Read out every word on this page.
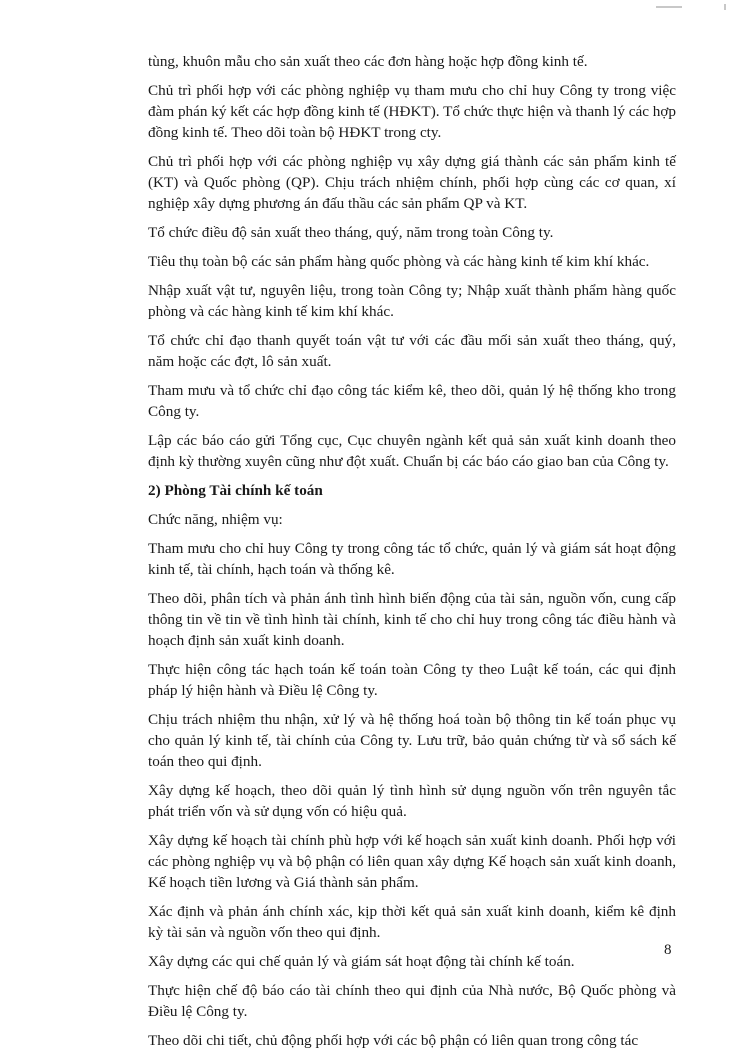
tùng, khuôn mẫu cho sản xuất theo các đơn hàng hoặc hợp đồng kinh tế.

Chủ trì phối hợp với các phòng nghiệp vụ tham mưu cho chỉ huy Công ty trong việc đàm phán ký kết các hợp đồng kinh tế (HĐKT). Tổ chức thực hiện và thanh lý các hợp đồng kinh tế. Theo dõi toàn bộ HĐKT trong cty.

Chủ trì phối hợp với các phòng nghiệp vụ xây dựng giá thành các sản phẩm kinh tế (KT) và Quốc phòng (QP). Chịu trách nhiệm chính, phối hợp cùng các cơ quan, xí nghiệp xây dựng phương án đấu thầu các sản phẩm QP và KT.

Tổ chức điều độ sản xuất theo tháng, quý, năm trong toàn Công ty.

Tiêu thụ toàn bộ các sản phẩm hàng quốc phòng và các hàng kinh tế kim khí khác.

Nhập xuất vật tư, nguyên liệu, trong toàn Công ty; Nhập xuất thành phẩm hàng quốc phòng và các hàng kinh tế kim khí khác.

Tổ chức chỉ đạo thanh quyết toán vật tư với các đầu mối sản xuất theo tháng, quý, năm hoặc các đợt, lô sản xuất.

Tham mưu và tổ chức chỉ đạo công tác kiểm kê, theo dõi, quản lý hệ thống kho trong Công ty.

Lập các báo cáo gửi Tổng cục, Cục chuyên ngành kết quả sản xuất kinh doanh theo định kỳ thường xuyên cũng như đột xuất. Chuẩn bị các báo cáo giao ban của Công ty.

2) Phòng Tài chính kế toán

Chức năng, nhiệm vụ:

Tham mưu cho chỉ huy Công ty trong công tác tổ chức, quản lý và giám sát hoạt động kinh tế, tài chính, hạch toán và thống kê.

Theo dõi, phân tích và phản ánh tình hình biến động của tài sản, nguồn vốn, cung cấp thông tin về tin về tình hình tài chính, kinh tế cho chỉ huy trong công tác điều hành và hoạch định sản xuất kinh doanh.

Thực hiện công tác hạch toán kế toán toàn Công ty theo Luật kế toán, các qui định pháp lý hiện hành và Điều lệ Công ty.

Chịu trách nhiệm thu nhận, xử lý và hệ thống hoá toàn bộ thông tin kế toán phục vụ cho quản lý kinh tế, tài chính của Công ty. Lưu trữ, bảo quản chứng từ và sổ sách kế toán theo qui định.

Xây dựng kế hoạch, theo dõi quản lý tình hình sử dụng nguồn vốn trên nguyên tắc phát triển vốn và sử dụng vốn có hiệu quả.

Xây dựng kế hoạch tài chính phù hợp với kế hoạch sản xuất kinh doanh. Phối hợp với các phòng nghiệp vụ và bộ phận có liên quan xây dựng Kế hoạch sản xuất kinh doanh, Kế hoạch tiền lương và Giá thành sản phẩm.

Xác định và phản ánh chính xác, kịp thời kết quả sản xuất kinh doanh, kiểm kê định kỳ tài sản và nguồn vốn theo qui định.

Xây dựng các qui chế quản lý và giám sát hoạt động tài chính kế toán.

Thực hiện chế độ báo cáo tài chính theo qui định của Nhà nước, Bộ Quốc phòng và Điều lệ Công ty.

Theo dõi chi tiết, chủ động phối hợp với các bộ phận có liên quan trong công tác

8
